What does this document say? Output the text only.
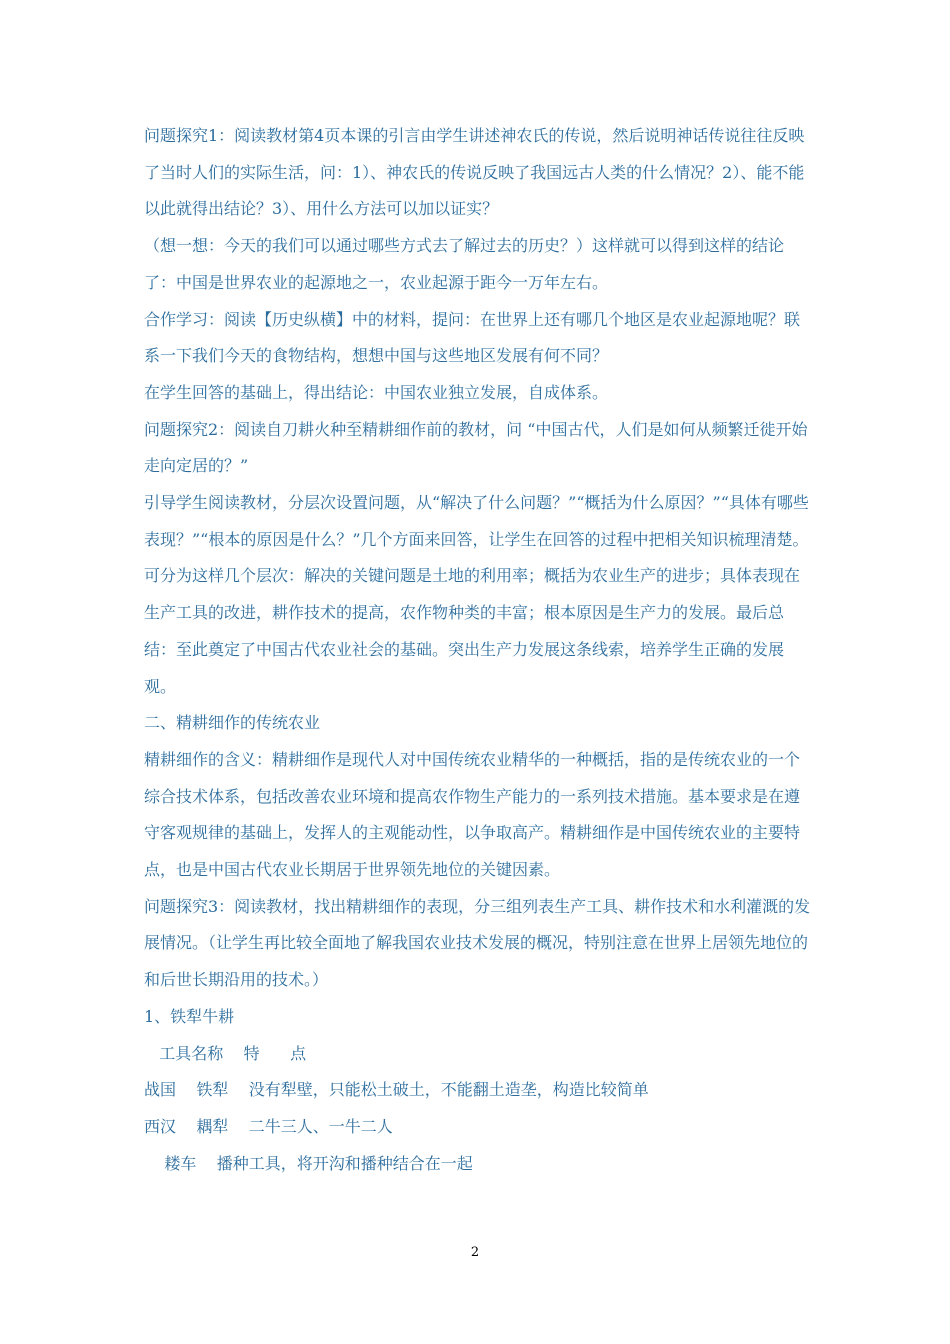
问题探究1：阅读教材第4页本课的引言由学生讲述神农氏的传说，然后说明神话传说往往反映了当时人们的实际生活，问：1）、神农氏的传说反映了我国远古人类的什么情况？2）、能不能以此就得出结论？3）、用什么方法可以加以证实？

（想一想：今天的我们可以通过哪些方式去了解过去的历史？）这样就可以得到这样的结论了：中国是世界农业的起源地之一，农业起源于距今一万年左右。

合作学习：阅读【历史纵横】中的材料，提问：在世界上还有哪几个地区是农业起源地呢？联系一下我们今天的食物结构，想想中国与这些地区发展有何不同？

在学生回答的基础上，得出结论：中国农业独立发展，自成体系。

问题探究2：阅读自刀耕火种至精耕细作前的教材，问 “中国古代，人们是如何从频繁迁徙开始走向定居的？”

引导学生阅读教材，分层次设置问题，从“解决了什么问题？”“概括为什么原因？”“具体有哪些表现？”“根本的原因是什么？”几个方面来回答，让学生在回答的过程中把相关知识梳理清楚。可分为这样几个层次：解决的关键问题是土地的利用率；概括为农业生产的进步；具体表现在生产工具的改进，耕作技术的提高，农作物种类的丰富；根本原因是生产力的发展。最后总结：至此奠定了中国古代农业社会的基础。突出生产力发展这条线索，培养学生正确的发展观。

二、精耕细作的传统农业

精耕细作的含义：精耕细作是现代人对中国传统农业精华的一种概括，指的是传统农业的一个综合技术体系，包括改善农业环境和提高农作物生产能力的一系列技术措施。基本要求是在遵守客观规律的基础上，发挥人的主观能动性，以争取高产。精耕细作是中国传统农业的主要特点，也是中国古代农业长期居于世界领先地位的关键因素。

问题探究3：阅读教材，找出精耕细作的表现，分三组列表生产工具、耕作技术和水利灌溉的发展情况。（让学生再比较全面地了解我国农业技术发展的概况，特别注意在世界上居领先地位的和后世长期沿用的技术。）

1、铁犁牛耕

工具名称    特      点

战国    铁犁    没有犁壁，只能松土破土，不能翻土造垄，构造比较简单

西汉    耦犁    二牛三人、一牛二人

耧车    播种工具，将开沟和播种结合在一起

2
